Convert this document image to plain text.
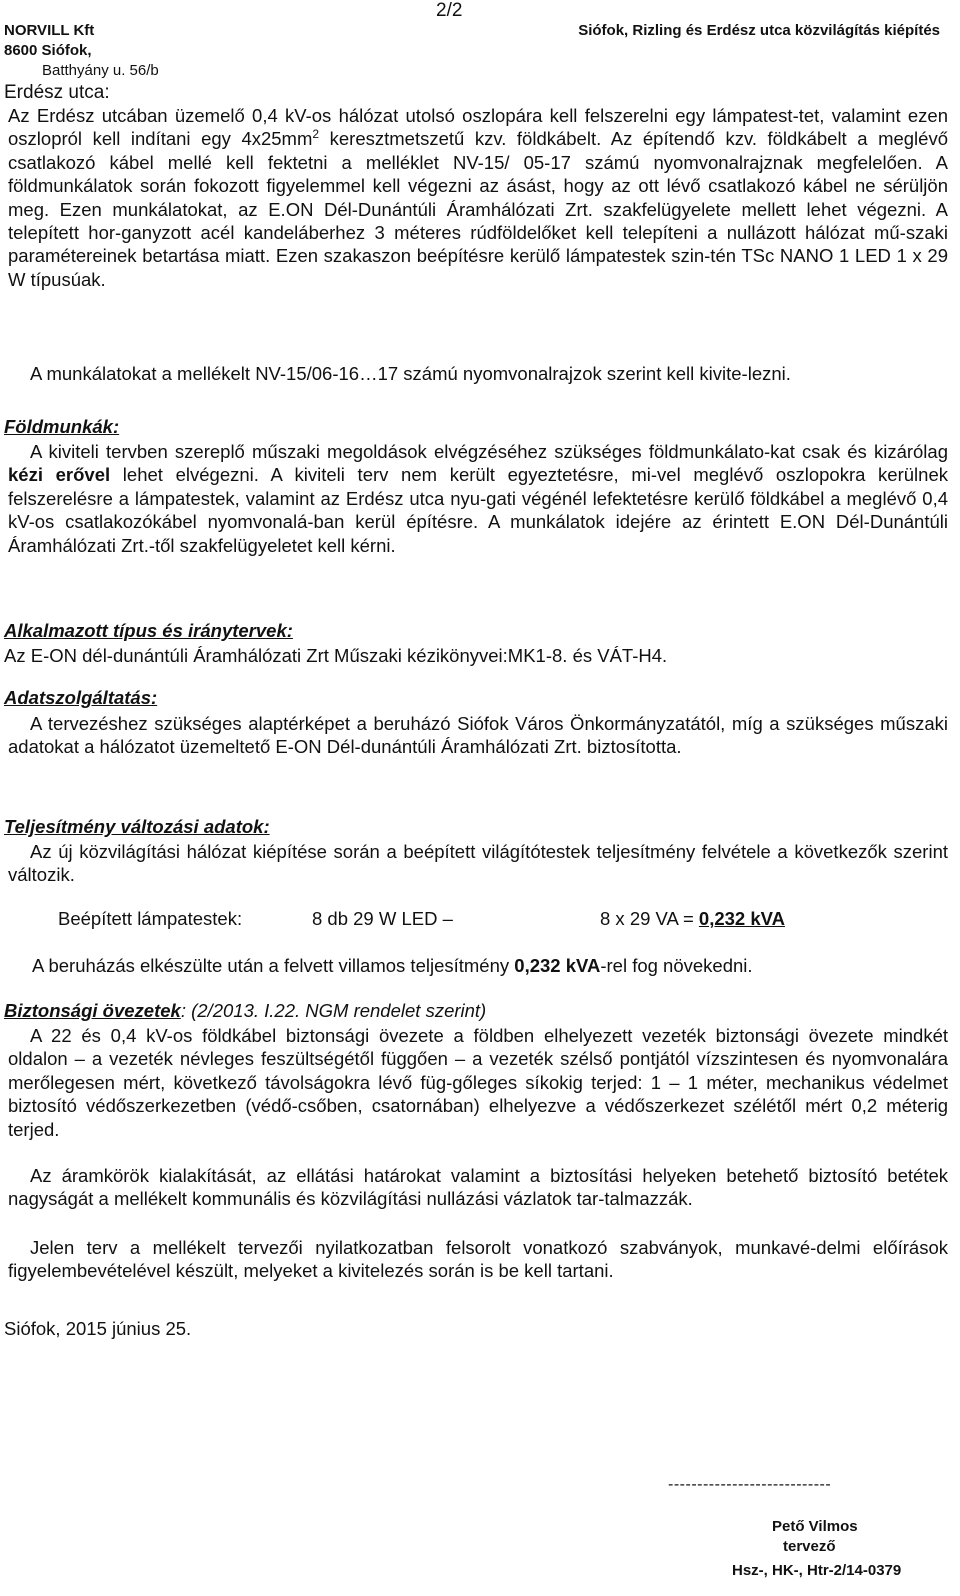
NORVILL Kft
2/2
Siófok, Rizling és Erdész utca közvilágítás kiépítés
8600 Siófok,
Batthyány u. 56/b
Erdész utca:

Az Erdész utcában üzemelő 0,4 kV-os hálózat utolsó oszlopára kell felszerelni egy lámpatest-tet, valamint ezen oszlopról kell indítani egy $4x25mm^2$ keresztmetszetű kzv. földkábelt. Az építendő kzv. földkábelt a meglévő csatlakozó kábel mellé kell fektetni a melléklet NV-15/ 05-17 számú nyomvonalrajznak megfelelően. A földmunkálatok során fokozott figyelemmel kell végezni az ásást, hogy az ott lévő csatlakozó kábel ne sérüljön meg. Ezen munkálatokat, az E.ON Dél-Dunántúli Áramhálózati Zrt. szakfelügyelete mellett lehet végezni. A telepített hor-ganyzott acél kandeláberhez 3 méteres rúdföldelőket kell telepíteni a nullázott hálózat mű-szaki paramétereinek betartása miatt. Ezen szakaszon beépítésre kerülő lámpatestek szin-tén TSc NANO 1 LED 1 x 29 W típusúak.

A munkálatokat a mellékelt NV-15/06-16…17 számú nyomvonalrajzok szerint kell kivite-lezni.

Földmunkák:

A kiviteli tervben szereplő műszaki megoldások elvégzéséhez szükséges földmunkálato-kat csak és kizárólag kézi erővel lehet elvégezni. A kiviteli terv nem került egyeztetésre, mi-vel meglévő oszlopokra kerülnek felszerelésre a lámpatestek, valamint az Erdész utca nyu-gati végénél lefektetésre kerülő földkábel a meglévő 0,4 kV-os csatlakozókábel nyomvonalá-ban kerül építésre. A munkálatok idejére az érintett E.ON Dél-Dunántúli Áramhálózati Zrt.-től szakfelügyeletet kell kérni.

Alkalmazott típus és iránytervek:
Az E-ON dél-dunántúli Áramhálózati Zrt Műszaki kézikönyvei:MK1-8. és VÁT-H4.
Adatszolgáltatás:

A tervezéshez szükséges alaptérképet a beruházó Siófok Város Önkormányzatától, míg a szükséges műszaki adatokat a hálózatot üzemeltető E-ON Dél-dunántúli Áramhálózati Zrt. biztosította.

Teljesítmény változási adatok:

Az új közvilágítási hálózat kiépítése során a beépített világítótestek teljesítmény felvétele a következők szerint változik.

Beépített lámpatestek:	8 db 29 W LED –	8 x 29 VA = 0,232 kVA
A beruházás elkészülte után a felvett villamos teljesítmény 0,232 kVA-rel fog növekedni.
Biztonsági övezetek: (2/2013. I.22. NGM rendelet szerint)

A 22 és 0,4 kV-os földkábel biztonsági övezete a földben elhelyezett vezeték biztonsági övezete mindkét oldalon – a vezeték névleges feszültségétől függően – a vezeték szélső pontjától vízszintesen és nyomvonalára merőlegesen mért, következő távolságokra lévő füg-gőleges síkokig terjed: 1 – 1 méter, mechanikus védelmet biztosító védőszerkezetben (védő-csőben, csatornában) elhelyezve a védőszerkezet szélétől mért 0,2 méterig terjed.

Az áramkörök kialakítását, az ellátási határokat valamint a biztosítási helyeken betehető biztosító betétek nagyságát a mellékelt kommunális és közvilágítási nullázási vázlatok tar-talmazzák.

Jelen terv a mellékelt tervezői nyilatkozatban felsorolt vonatkozó szabványok, munkavé-delmi előírások figyelembevételével készült, melyeket a kivitelezés során is be kell tartani.

Siófok, 2015 június 25.
----------------------------
Pető Vilmos
tervező
Hsz-, HK-, Htr-2/14-0379
